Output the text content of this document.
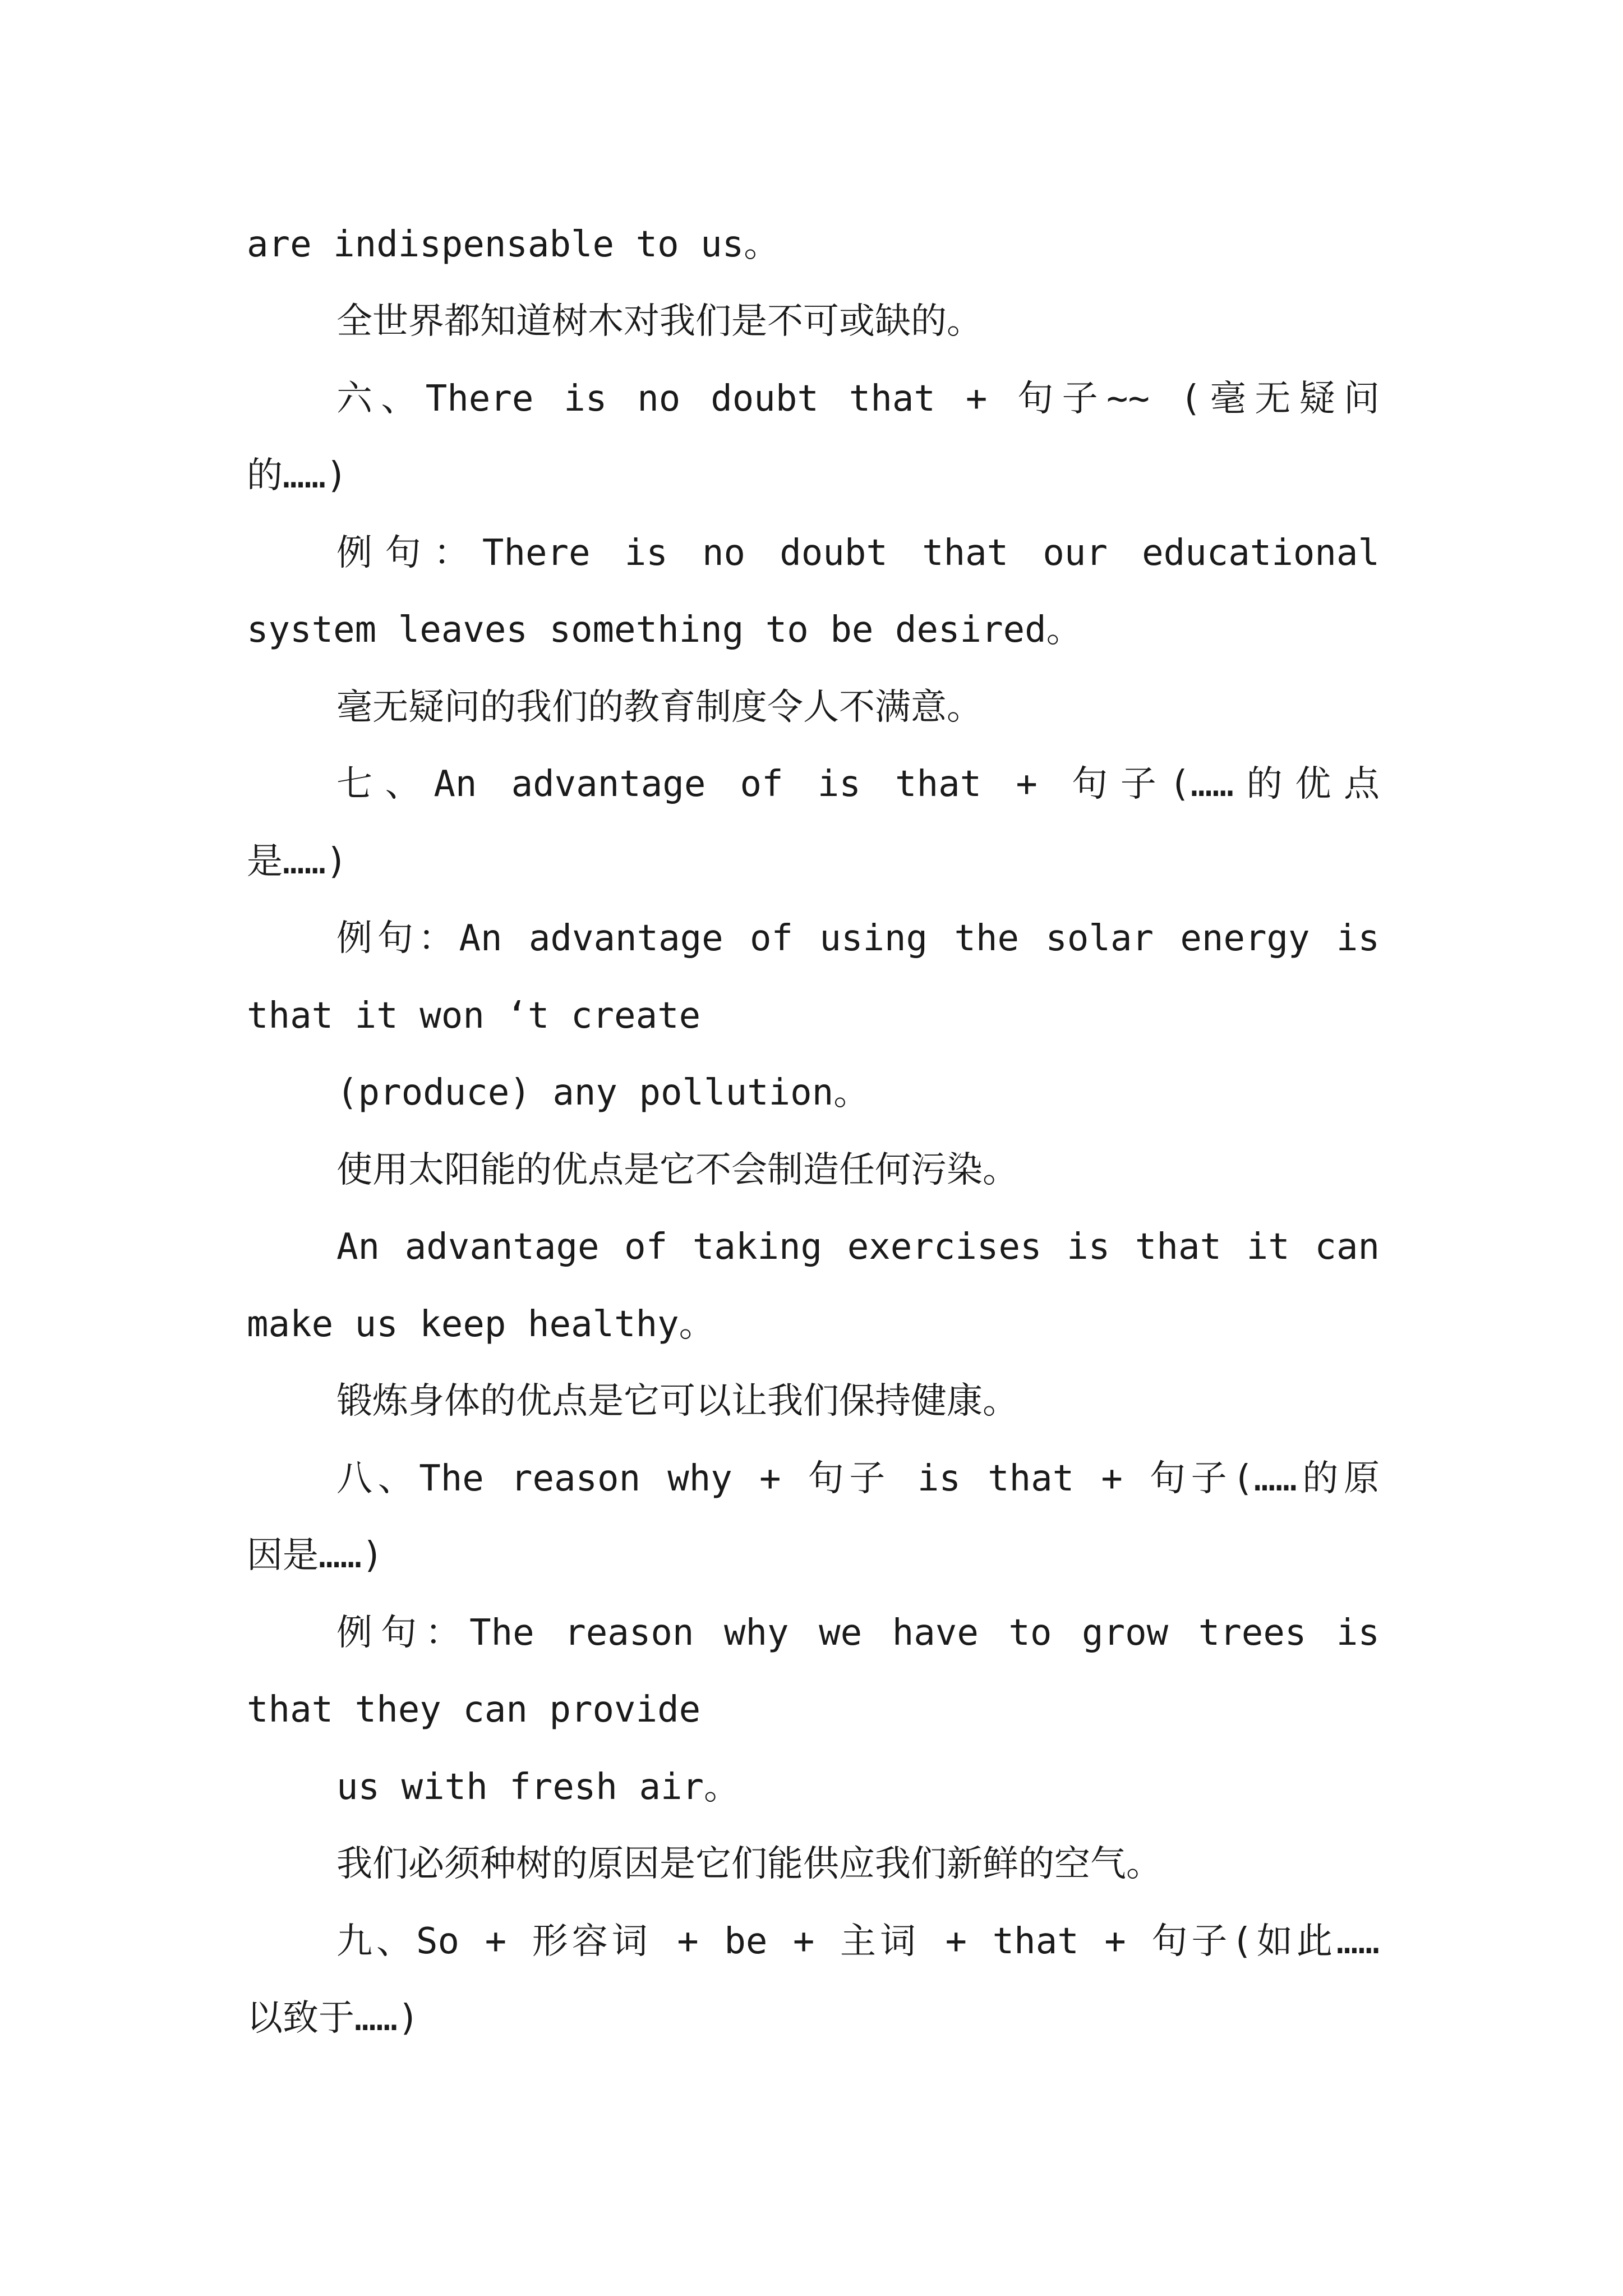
are indispensable to us。
全世界都知道树木对我们是不可或缺的。
六、There is no doubt that + 句子~~ (毫无疑问
的……)
例句：There is no doubt that our educational
system leaves something to be desired。
毫无疑问的我们的教育制度令人不满意。
七、An advantage of is that + 句子(……的优点
是……)
例句：An advantage of using the solar energy is
that it won ‘t create
(produce) any pollution。
使用太阳能的优点是它不会制造任何污染。
An advantage of taking exercises is that it can
make us keep healthy。
锻炼身体的优点是它可以让我们保持健康。
八、The reason why + 句子 is that + 句子(……的原
因是……)
例句：The reason why we have to grow trees is
that they can provide
us with fresh air。
我们必须种树的原因是它们能供应我们新鲜的空气。
九、So + 形容词 + be + 主词 + that + 句子(如此……
以致于……)
